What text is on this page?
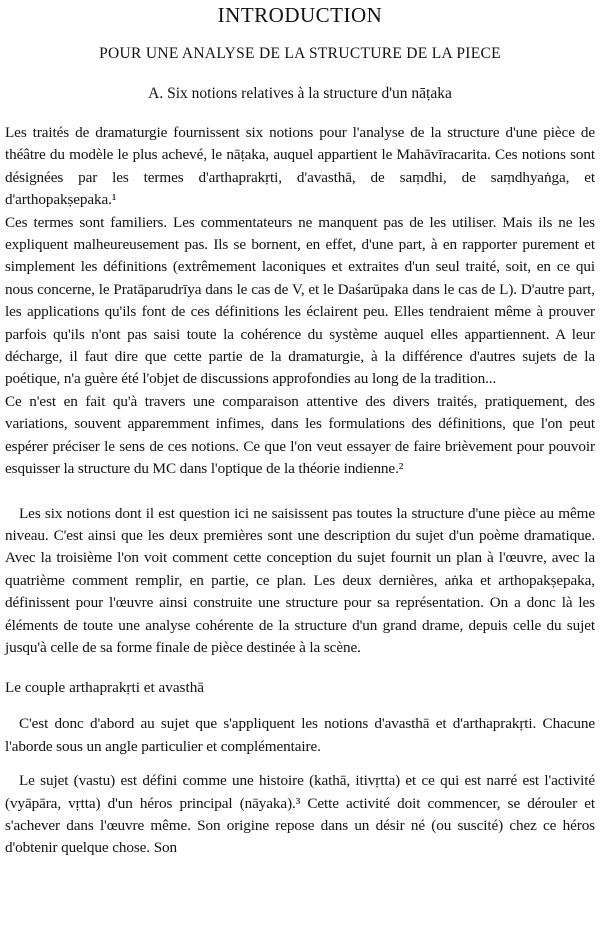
INTRODUCTION
POUR UNE ANALYSE DE LA STRUCTURE DE LA PIECE
A. Six notions relatives à la structure d'un nāṭaka

Les traités de dramaturgie fournissent six notions pour l'analyse de la structure d'une pièce de théâtre du modèle le plus achevé, le nāṭaka, auquel appartient le Mahāvīracarita. Ces notions sont désignées par les termes d'arthaprakṛti, d'avasthā, de saṃdhi, de saṃdhyaṅga, et d'arthopakṣepaka.¹

Ces termes sont familiers. Les commentateurs ne manquent pas de les utiliser. Mais ils ne les expliquent malheureusement pas. Ils se bornent, en effet, d'une part, à en rapporter purement et simplement les définitions (extrêmement laconiques et extraites d'un seul traité, soit, en ce qui nous concerne, le Pratāparudrīya dans le cas de V, et le Daśarūpaka dans le cas de L). D'autre part, les applications qu'ils font de ces définitions les éclairent peu. Elles tendraient même à prouver parfois qu'ils n'ont pas saisi toute la cohérence du système auquel elles appartiennent. A leur décharge, il faut dire que cette partie de la dramaturgie, à la différence d'autres sujets de la poétique, n'a guère été l'objet de discussions approfondies au long de la tradition...

Ce n'est en fait qu'à travers une comparaison attentive des divers traités, pratiquement, des variations, souvent apparemment infimes, dans les formulations des définitions, que l'on peut espérer préciser le sens de ces notions. Ce que l'on veut essayer de faire brièvement pour pouvoir esquisser la structure du MC dans l'optique de la théorie indienne.²

Les six notions dont il est question ici ne saisissent pas toutes la structure d'une pièce au même niveau. C'est ainsi que les deux premières sont une description du sujet d'un poème dramatique. Avec la troisième l'on voit comment cette conception du sujet fournit un plan à l'œuvre, avec la quatrième comment remplir, en partie, ce plan. Les deux dernières, aṅka et arthopakṣepaka, définissent pour l'œuvre ainsi construite une structure pour sa représentation. On a donc là les éléments de toute une analyse cohérente de la structure d'un grand drame, depuis celle du sujet jusqu'à celle de sa forme finale de pièce destinée à la scène.

Le couple arthaprakṛti et avasthā

C'est donc d'abord au sujet que s'appliquent les notions d'avasthā et d'arthaprakṛti. Chacune l'aborde sous un angle particulier et complémentaire.

Le sujet (vastu) est défini comme une histoire (kathā, itivṛtta) et ce qui est narré est l'activité (vyāpāra, vṛtta) d'un héros principal (nāyaka).³ Cette activité doit commencer, se dérouler et s'achever dans l'œuvre même. Son origine repose dans un désir né (ou suscité) chez ce héros d'obtenir quelque chose. Son
